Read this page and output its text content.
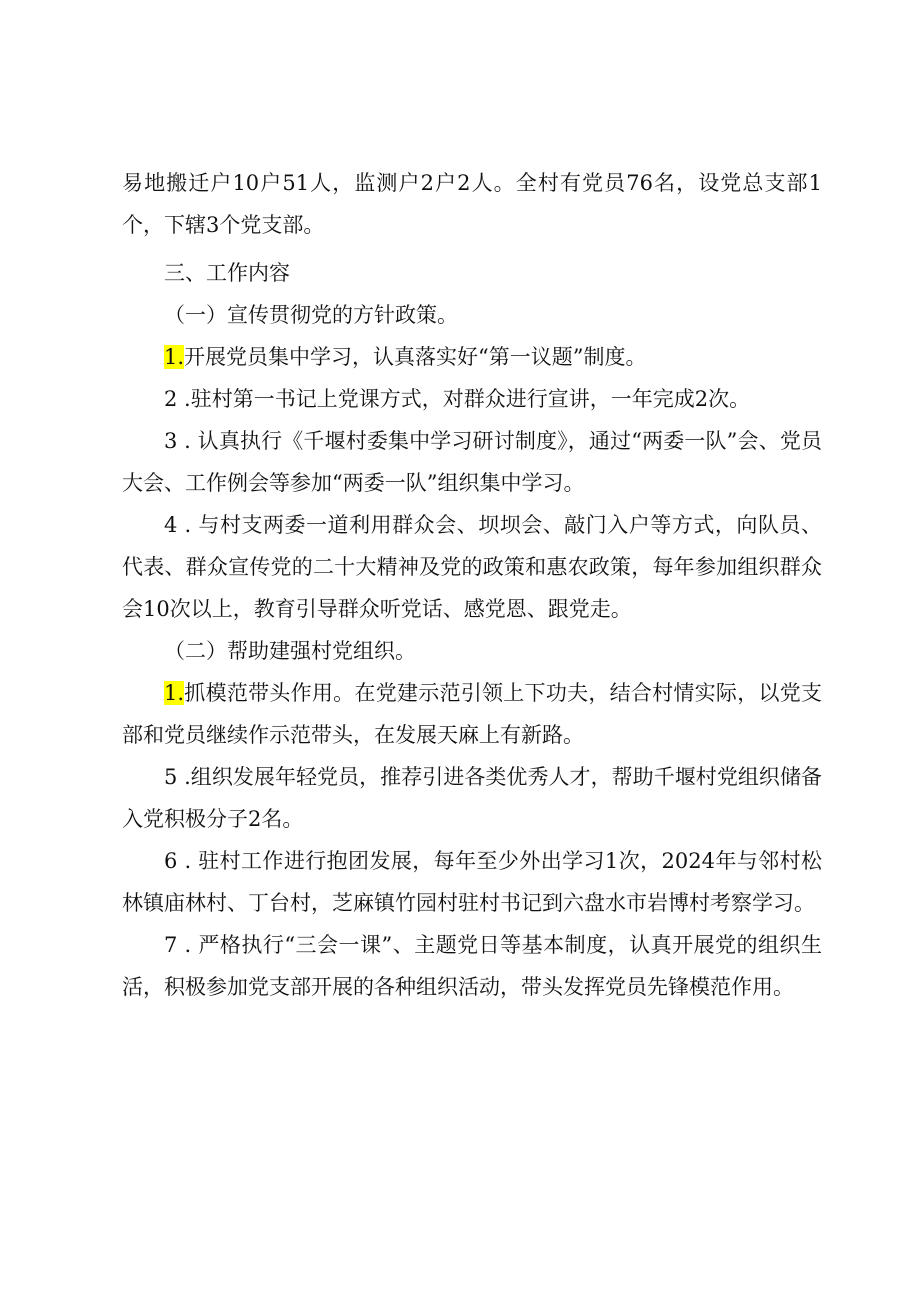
易地搬迁户10户51人，监测户2户2人。全村有党员76名，设党总支部1个，下辖3个党支部。

三、工作内容

（一）宣传贯彻党的方针政策。

1.开展党员集中学习，认真落实好“第一议题”制度。

2 .驻村第一书记上党课方式，对群众进行宣讲，一年完成2次。

3 . 认真执行《千堰村委集中学习研讨制度》，通过“两委一队”会、党员大会、工作例会等参加“两委一队”组织集中学习。

4 . 与村支两委一道利用群众会、坝坝会、敲门入户等方式，向队员、代表、群众宣传党的二十大精神及党的政策和惠农政策，每年参加组织群众会10次以上，教育引导群众听党话、感党恩、跟党走。

（二）帮助建强村党组织。

1.抓模范带头作用。在党建示范引领上下功夫，结合村情实际，以党支部和党员继续作示范带头，在发展天麻上有新路。

5 .组织发展年轻党员，推荐引进各类优秀人才，帮助千堰村党组织储备入党积极分子2名。

6 . 驻村工作进行抱团发展，每年至少外出学习1次，2024年与邻村松林镇庙林村、丁台村，芝麻镇竹园村驻村书记到六盘水市岩博村考察学习。

7 . 严格执行“三会一课”、主题党日等基本制度，认真开展党的组织生活，积极参加党支部开展的各种组织活动，带头发挥党员先锋模范作用。
